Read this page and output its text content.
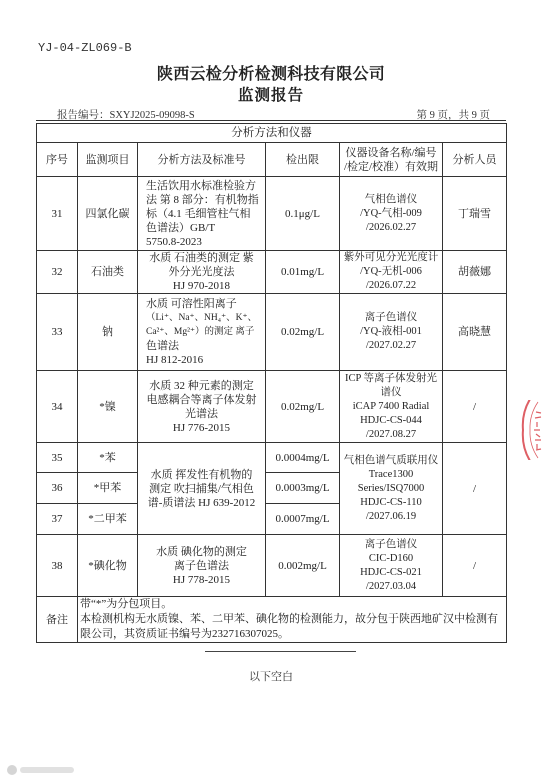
YJ-04-ZL069-B
陕西云检分析检测科技有限公司
监测报告
报告编号：SXYJ2025-09098-S	第 9 页，共 9 页
分析方法和仪器					
序号	监测项目	分析方法及标准号	检出限	仪器设备名称/编号
/检定/校准）有效期	分析人员
31	四氯化碳	生活饮用水标准检验方
法 第 8 部分：有机物指
标（4.1 毛细管柱气相
色谱法）GB/T
5750.8-2023	0.1μg/L	气相色谱仪
/YQ-气相-009
/2026.02.27	丁瑞雪
32	石油类	水质 石油类的测定 紫
外分光光度法
HJ 970-2018	0.01mg/L	紫外可见分光光度计
/YQ-无机-006
/2026.07.22	胡薇娜
33	钠	水质 可溶性阳离子
（Li⁺、Na⁺、NH₄⁺、K⁺、
Ca²⁺、Mg²⁺）的测定 离子
色谱法
HJ 812-2016	0.02mg/L	离子色谱仪
/YQ-液相-001
/2027.02.27	高晓慧
34	*镍	水质 32 种元素的测定
电感耦合等离子体发射
光谱法
HJ 776-2015	0.02mg/L	ICP 等离子体发射光
谱仪
iCAP 7400 Radial
HDJC-CS-044
/2027.08.27	/
35	*苯	水质 挥发性有机物的
测定 吹扫捕集/气相色
谱-质谱法 HJ 639-2012	0.0004mg/L	气相色谱气质联用仪
Trace1300
Series/ISQ7000
HDJC-CS-110
/2027.06.19	/
36	*甲苯		0.0003mg/L		
37	*二甲苯		0.0007mg/L		
38	*碘化物	水质 碘化物的测定
离子色谱法
HJ 778-2015	0.002mg/L	离子色谱仪
CIC-D160
HDJC-CS-021
/2027.03.04	/
备注	带“*”为分包项目。
本检测机构无水质镍、苯、二甲苯、碘化物的检测能力，故分包于陕西地矿汉中检测有
限公司，其资质证书编号为232716307025。				
以下空白
